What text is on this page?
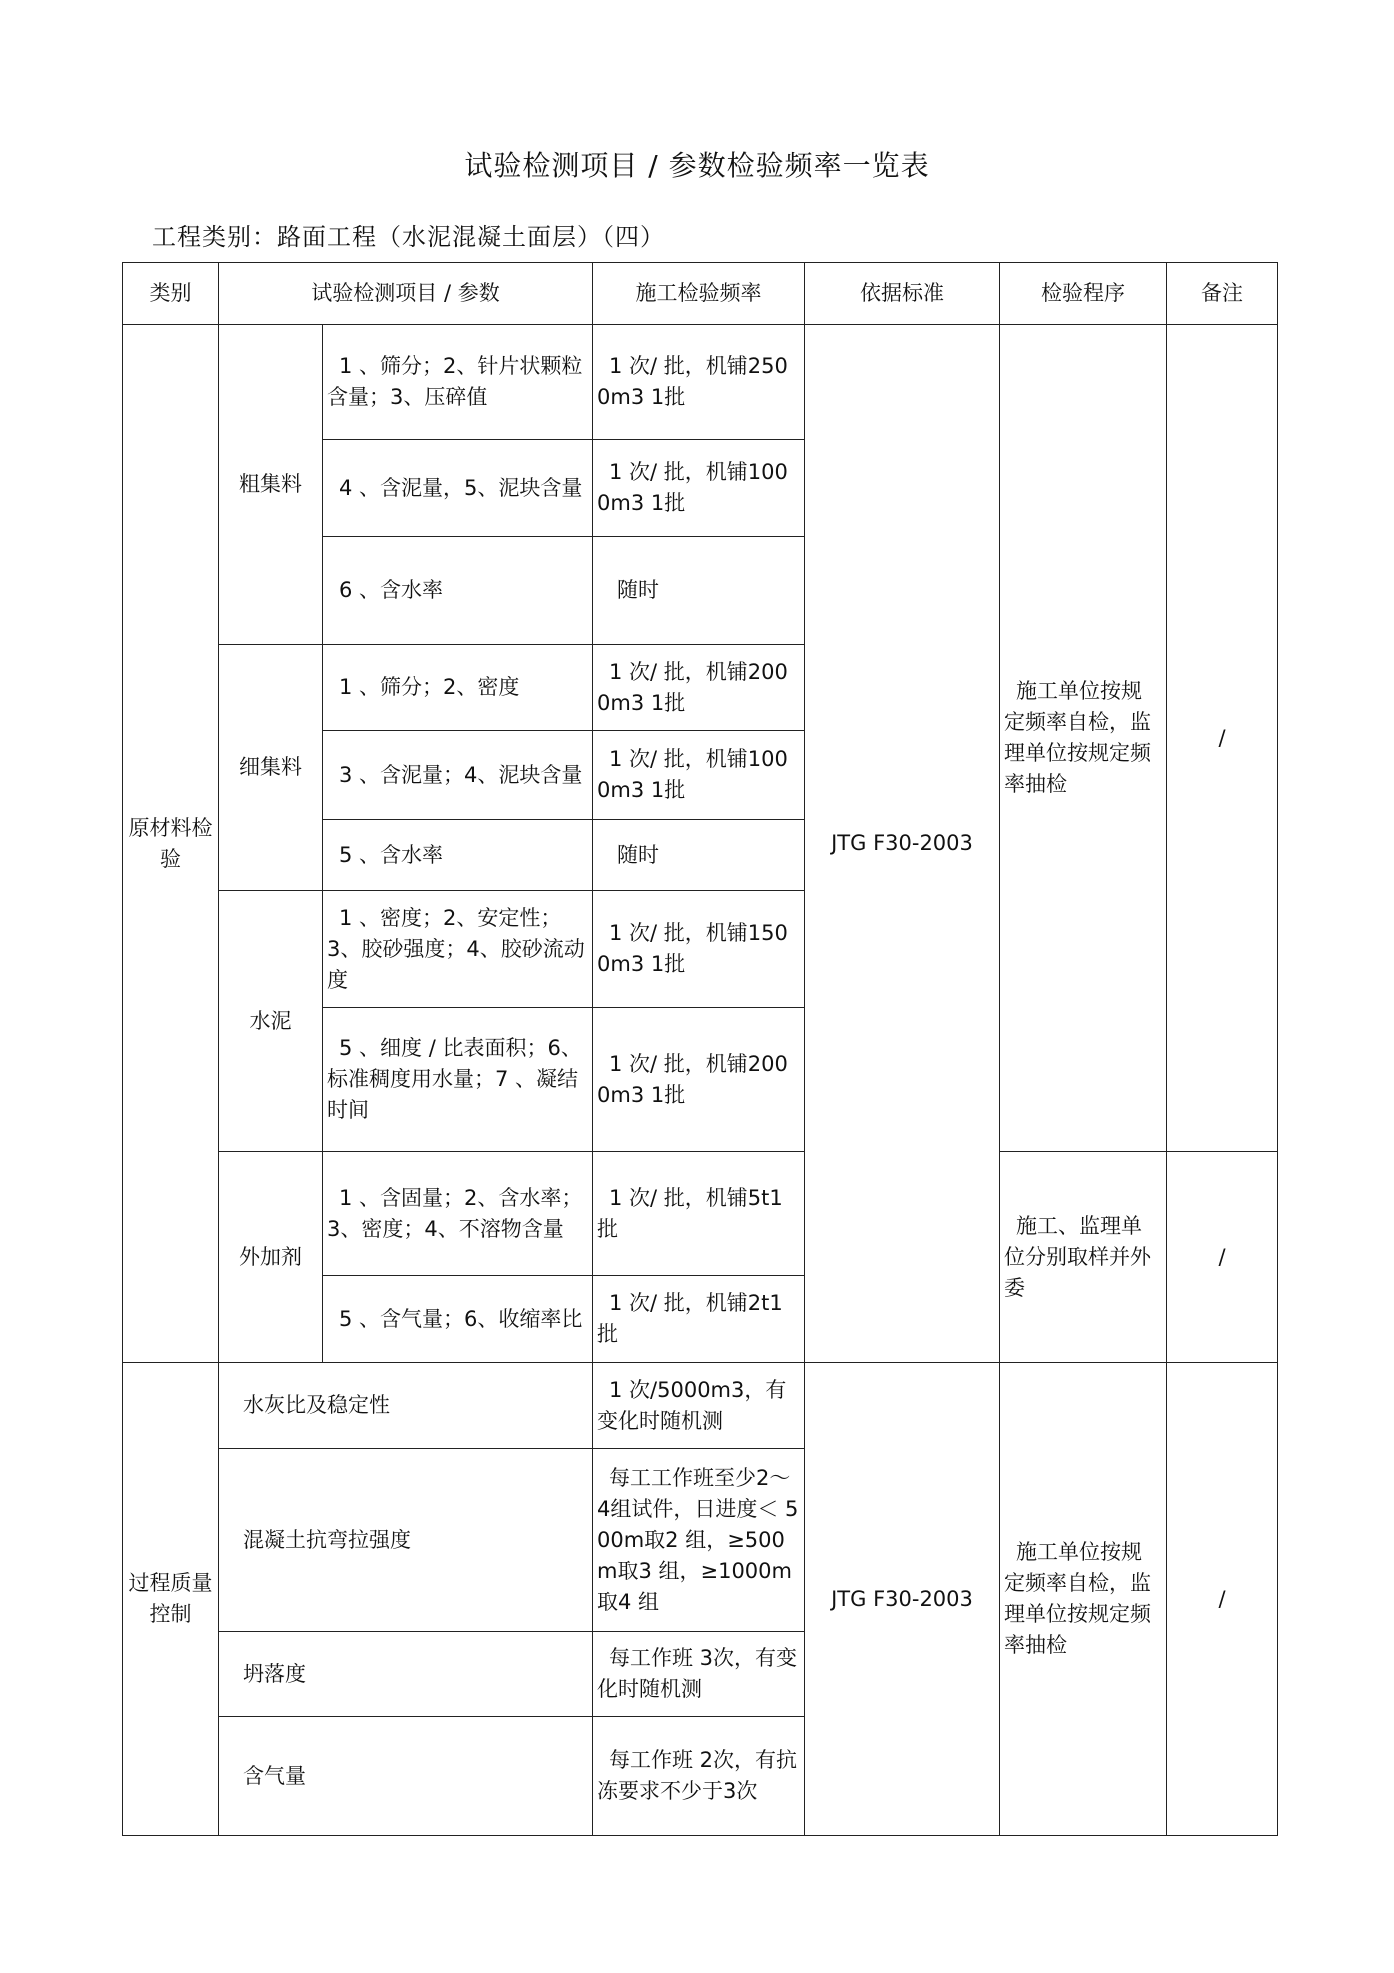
试验检测项目 / 参数检验频率一览表
工程类别：路面工程（水泥混凝土面层）（四）
类别	试验检测项目 / 参数		施工检验频率	依据标准	检验程序	备注
原材料检验	粗集料	1 、筛分；2、针片状颗粒含量；3、压碎值	1 次/ 批，机铺2500m3 1批	JTG F30-2003	施工单位按规定频率自检，监理单位按规定频率抽检	/
		4 、含泥量，5、泥块含量	1 次/ 批，机铺1000m3 1批			
		6 、含水率	随时			
	细集料	1 、筛分；2、密度	1 次/ 批，机铺2000m3 1批			
		3 、含泥量；4、泥块含量	1 次/ 批，机铺1000m3 1批			
		5 、含水率	随时			
	水泥	1 、密度；2、安定性；3、胶砂强度；4、胶砂流动度	1 次/ 批，机铺1500m3 1批			
		5 、细度 / 比表面积；6、标准稠度用水量；7 、凝结时间	1 次/ 批，机铺2000m3 1批			
	外加剂	1 、含固量；2、含水率；3、密度；4、不溶物含量	1 次/ 批，机铺5t1 批		施工、监理单位分别取样并外委	/
		5 、含气量；6、收缩率比	1 次/ 批，机铺2t1 批			
过程质量控制	水灰比及稳定性		1 次/5000m3，有变化时随机测	JTG F30-2003	施工单位按规定频率自检，监理单位按规定频率抽检	/
	混凝土抗弯拉强度		每工工作班至少2～4组试件，日进度＜ 500m取2 组，≥500m取3 组，≥1000m取4 组			
	坍落度		每工作班 3次，有变化时随机测			
	含气量		每工作班 2次，有抗冻要求不少于3次			
